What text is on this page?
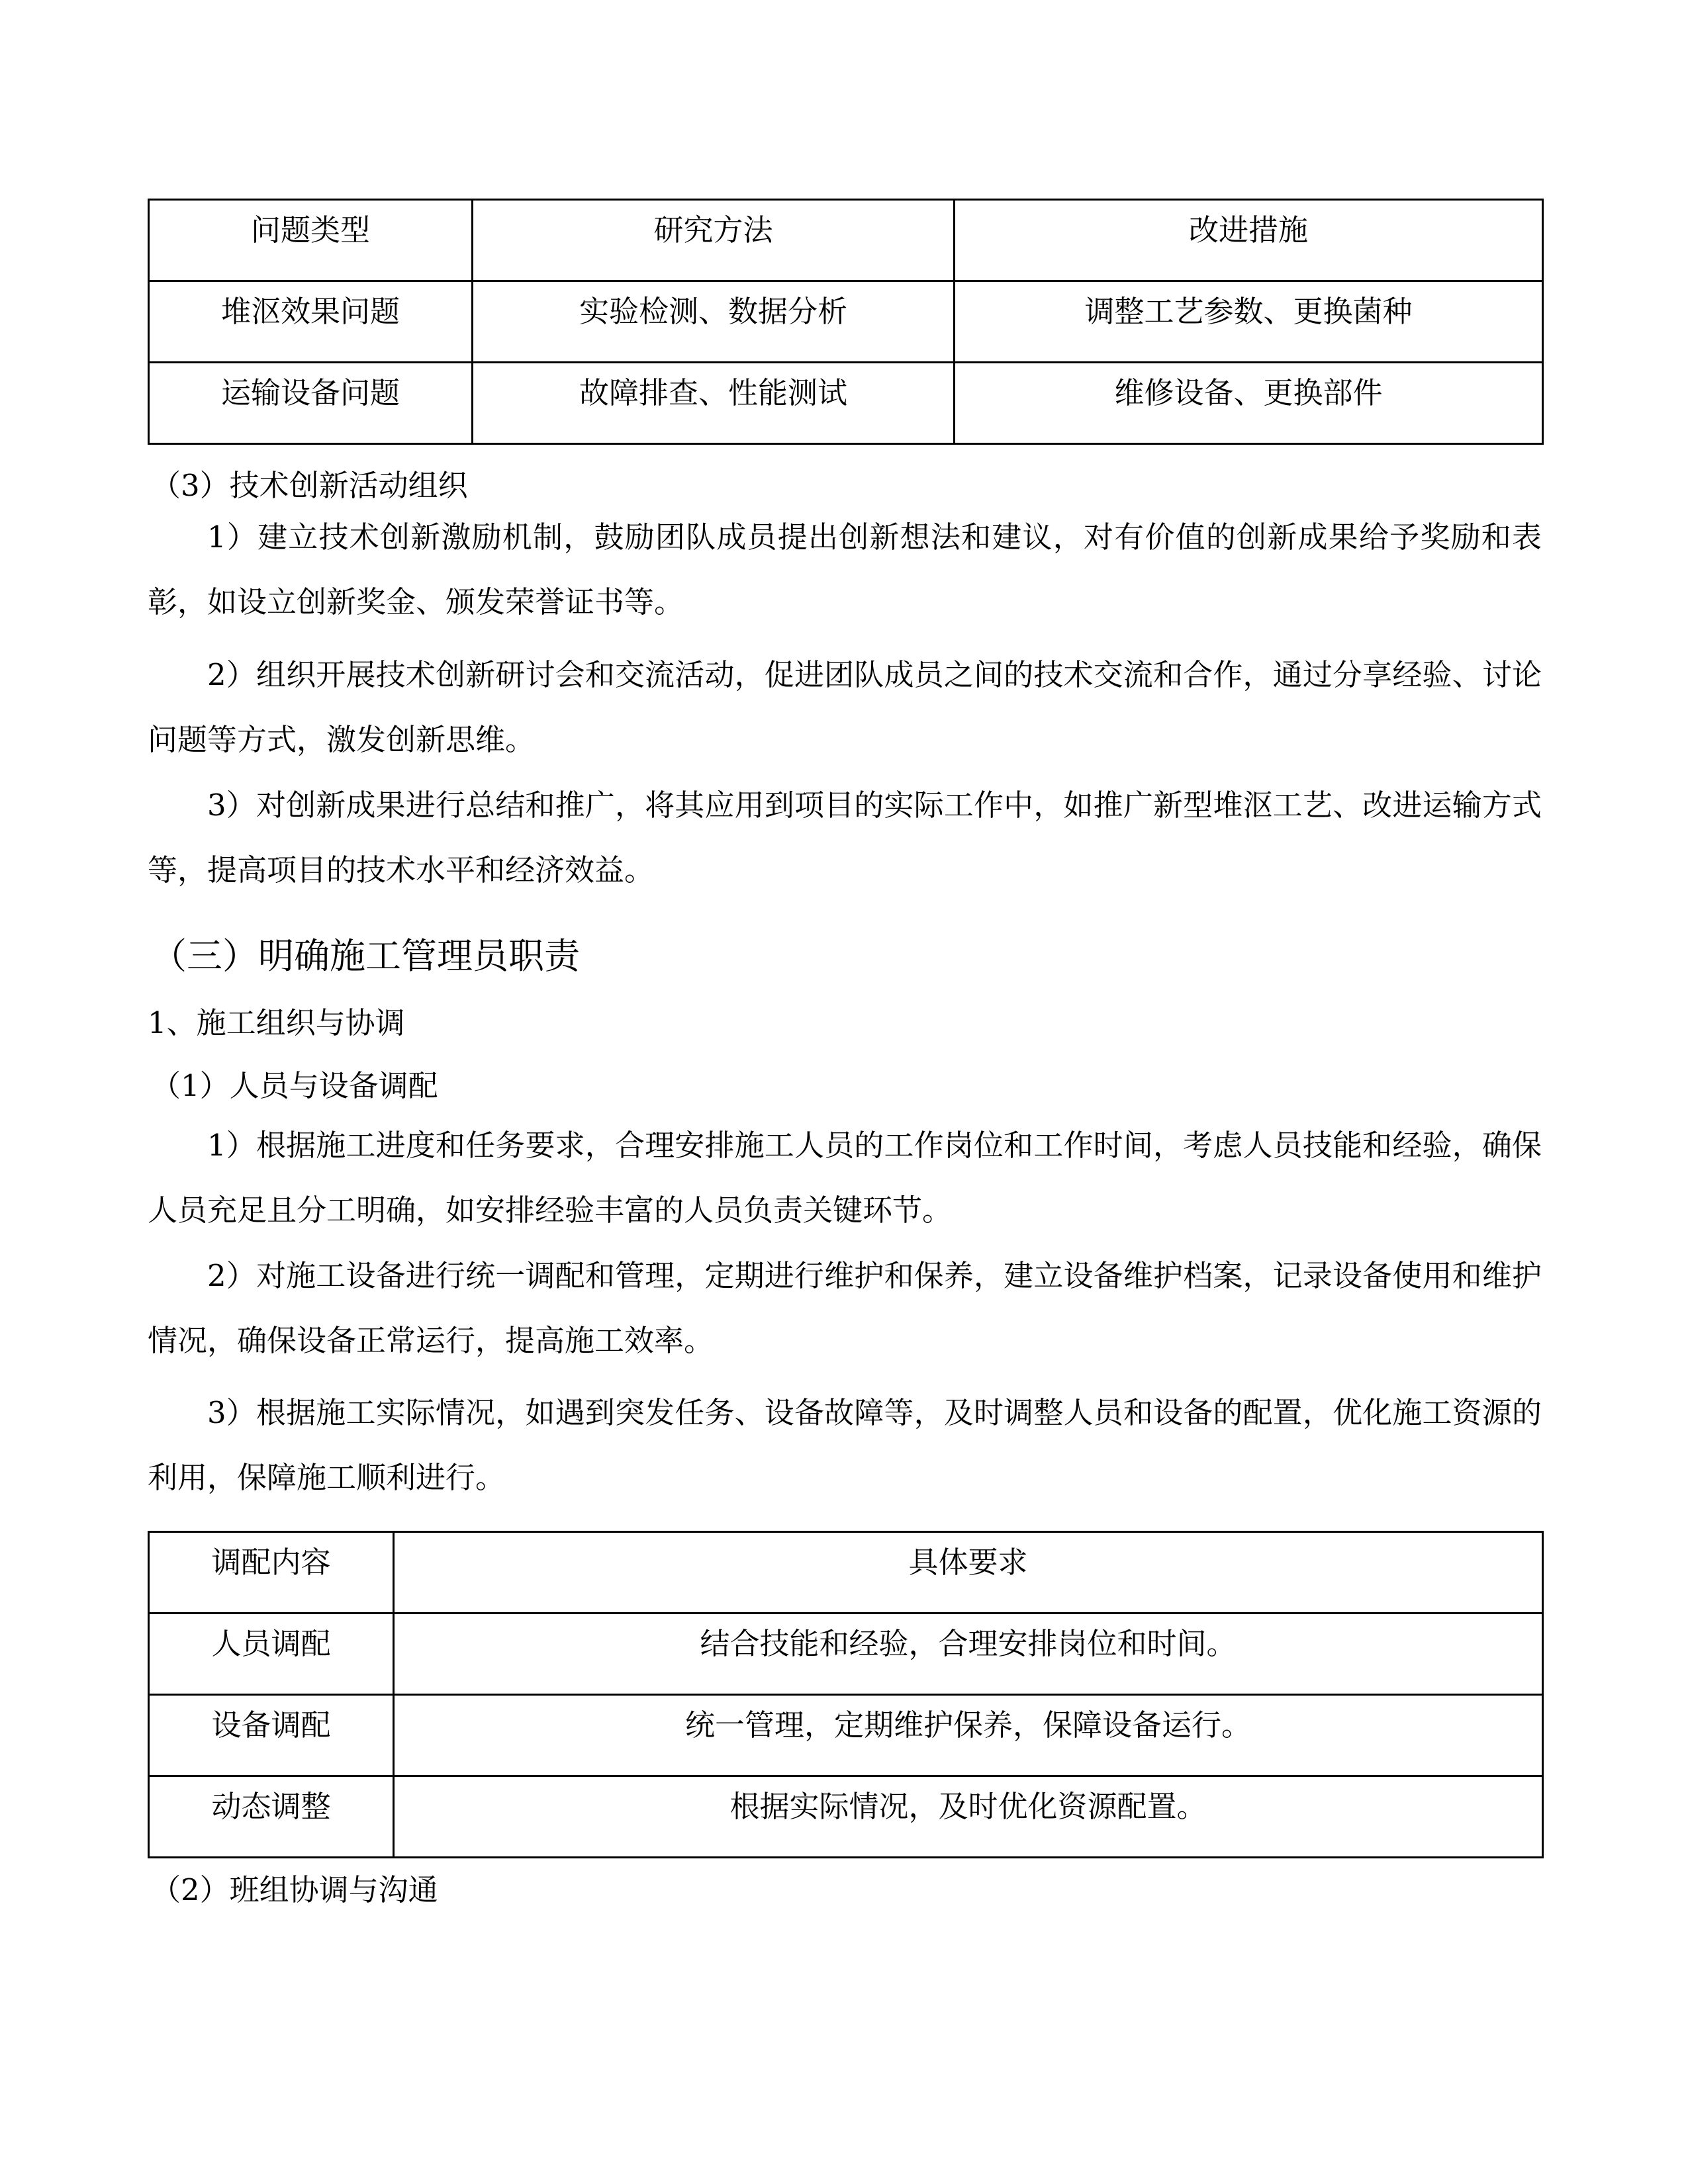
问题类型	研究方法	改进措施
堆沤效果问题	实验检测、数据分析	调整工艺参数、更换菌种
运输设备问题	故障排查、性能测试	维修设备、更换部件
（3）技术创新活动组织
1）建立技术创新激励机制，鼓励团队成员提出创新想法和建议，对有价值的创新成果给予奖励和表彰，如设立创新奖金、颁发荣誉证书等。
2）组织开展技术创新研讨会和交流活动，促进团队成员之间的技术交流和合作，通过分享经验、讨论问题等方式，激发创新思维。
3）对创新成果进行总结和推广，将其应用到项目的实际工作中，如推广新型堆沤工艺、改进运输方式等，提高项目的技术水平和经济效益。
（三）明确施工管理员职责
1、施工组织与协调
（1）人员与设备调配
1）根据施工进度和任务要求，合理安排施工人员的工作岗位和工作时间，考虑人员技能和经验，确保人员充足且分工明确，如安排经验丰富的人员负责关键环节。
2）对施工设备进行统一调配和管理，定期进行维护和保养，建立设备维护档案，记录设备使用和维护情况，确保设备正常运行，提高施工效率。
3）根据施工实际情况，如遇到突发任务、设备故障等，及时调整人员和设备的配置，优化施工资源的利用，保障施工顺利进行。
调配内容	具体要求
人员调配	结合技能和经验，合理安排岗位和时间。
设备调配	统一管理，定期维护保养，保障设备运行。
动态调整	根据实际情况，及时优化资源配置。
（2）班组协调与沟通
